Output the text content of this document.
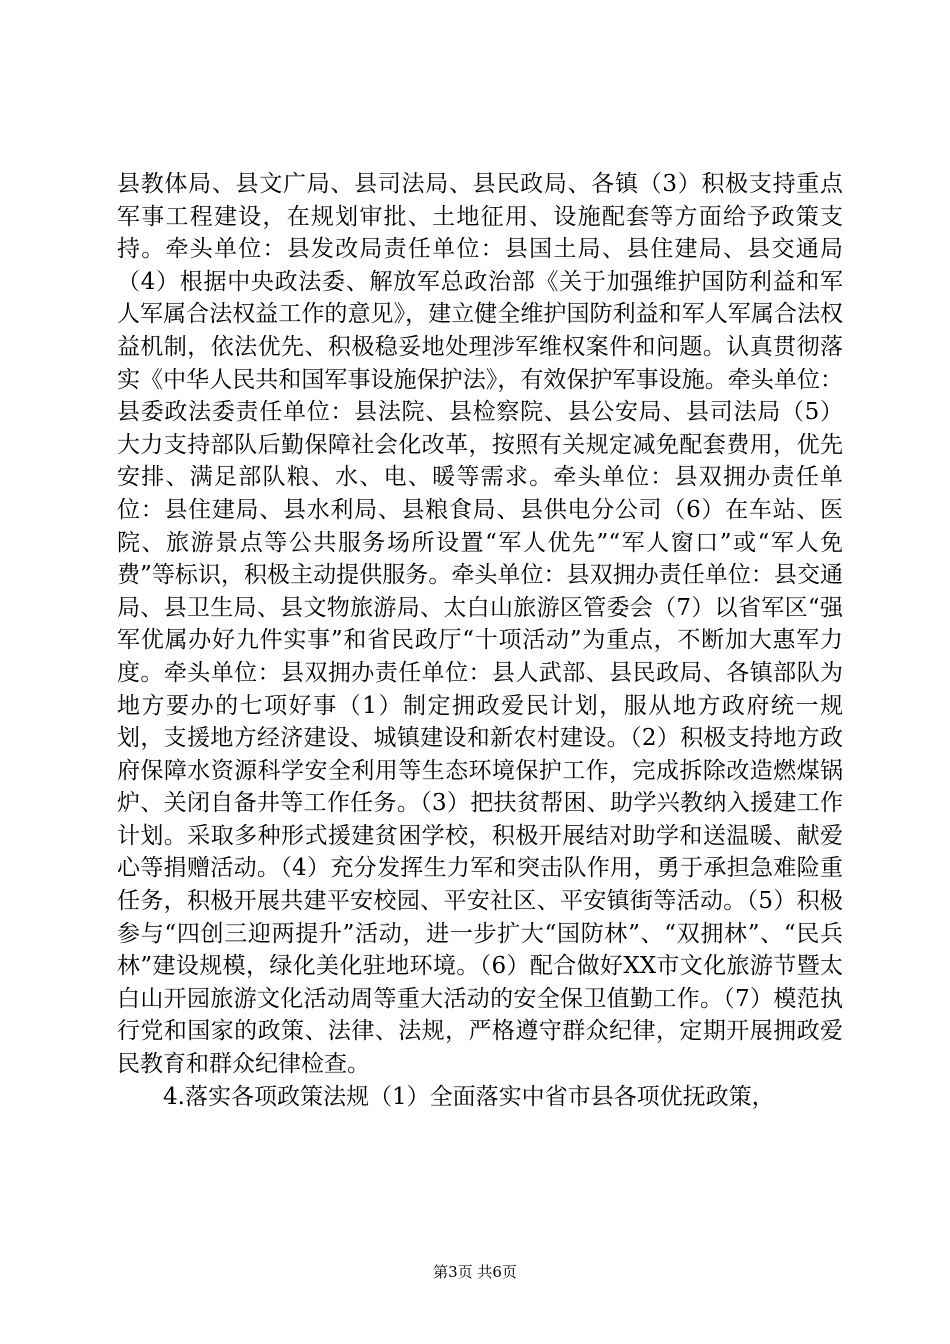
县教体局、县文广局、县司法局、县民政局、各镇（3）积极支持重点军事工程建设，在规划审批、土地征用、设施配套等方面给予政策支持。牵头单位：县发改局责任单位：县国土局、县住建局、县交通局（4）根据中央政法委、解放军总政治部《关于加强维护国防利益和军人军属合法权益工作的意见》，建立健全维护国防利益和军人军属合法权益机制，依法优先、积极稳妥地处理涉军维权案件和问题。认真贯彻落实《中华人民共和国军事设施保护法》，有效保护军事设施。牵头单位：县委政法委责任单位：县法院、县检察院、县公安局、县司法局（5）大力支持部队后勤保障社会化改革，按照有关规定减免配套费用，优先安排、满足部队粮、水、电、暖等需求。牵头单位：县双拥办责任单位：县住建局、县水利局、县粮食局、县供电分公司（6）在车站、医院、旅游景点等公共服务场所设置“军人优先”“军人窗口”或“军人免费”等标识，积极主动提供服务。牵头单位：县双拥办责任单位：县交通局、县卫生局、县文物旅游局、太白山旅游区管委会（7）以省军区“强军优属办好九件实事”和省民政厅“十项活动”为重点，不断加大惠军力度。牵头单位：县双拥办责任单位：县人武部、县民政局、各镇部队为地方要办的七项好事（1）制定拥政爱民计划，服从地方政府统一规划，支援地方经济建设、城镇建设和新农村建设。（2）积极支持地方政府保障水资源科学安全利用等生态环境保护工作，完成拆除改造燃煤锅炉、关闭自备井等工作任务。（3）把扶贫帮困、助学兴教纳入援建工作计划。采取多种形式援建贫困学校，积极开展结对助学和送温暖、献爱心等捐赠活动。（4）充分发挥生力军和突击队作用，勇于承担急难险重任务，积极开展共建平安校园、平安社区、平安镇街等活动。（5）积极参与“四创三迎两提升”活动，进一步扩大“国防林”、“双拥林”、“民兵林”建设规模，绿化美化驻地环境。（6）配合做好XX市文化旅游节暨太白山开园旅游文化活动周等重大活动的安全保卫值勤工作。（7）模范执行党和国家的政策、法律、法规，严格遵守群众纪律，定期开展拥政爱民教育和群众纪律检查。

4.落实各项政策法规（1）全面落实中省市县各项优抚政策，

第3页 共6页
